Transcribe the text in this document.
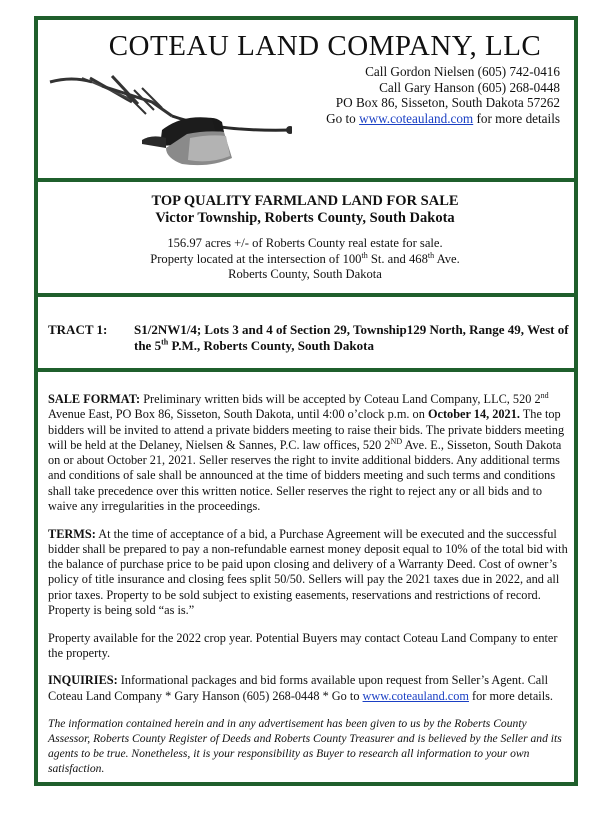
COTEAU LAND COMPANY, LLC
Call Gordon Nielsen (605) 742-0416
Call Gary Hanson (605) 268-0448
PO Box 86, Sisseton, South Dakota 57262
Go to www.coteauland.com for more details
TOP QUALITY FARMLAND LAND FOR SALE
Victor Township, Roberts County, South Dakota
156.97 acres +/- of Roberts County real estate for sale.
Property located at the intersection of 100th St. and 468th Ave.
Roberts County, South Dakota
TRACT 1: S1/2NW1/4; Lots 3 and 4 of Section 29, Township129 North, Range 49, West of the 5th P.M., Roberts County, South Dakota

SALE FORMAT: Preliminary written bids will be accepted by Coteau Land Company, LLC, 520 2nd Avenue East, PO Box 86, Sisseton, South Dakota, until 4:00 o’clock p.m. on October 14, 2021. The top bidders will be invited to attend a private bidders meeting to raise their bids. The private bidders meeting will be held at the Delaney, Nielsen & Sannes, P.C. law offices, 520 2ND Ave. E., Sisseton, South Dakota on or about October 21, 2021. Seller reserves the right to invite additional bidders. Any additional terms and conditions of sale shall be announced at the time of bidders meeting and such terms and conditions shall take precedence over this written notice. Seller reserves the right to reject any or all bids and to waive any irregularities in the proceedings.

TERMS: At the time of acceptance of a bid, a Purchase Agreement will be executed and the successful bidder shall be prepared to pay a non-refundable earnest money deposit equal to 10% of the total bid with the balance of purchase price to be paid upon closing and delivery of a Warranty Deed. Cost of owner’s policy of title insurance and closing fees split 50/50. Sellers will pay the 2021 taxes due in 2022, and all prior taxes. Property to be sold subject to existing easements, reservations and restrictions of record. Property is being sold “as is.”

Property available for the 2022 crop year. Potential Buyers may contact Coteau Land Company to enter the property.

INQUIRIES: Informational packages and bid forms available upon request from Seller’s Agent. Call Coteau Land Company * Gary Hanson (605) 268-0448 * Go to www.coteauland.com for more details.

The information contained herein and in any advertisement has been given to us by the Roberts County Assessor, Roberts County Register of Deeds and Roberts County Treasurer and is believed by the Seller and its agents to be true. Nonetheless, it is your responsibility as Buyer to research all information to your own satisfaction.
